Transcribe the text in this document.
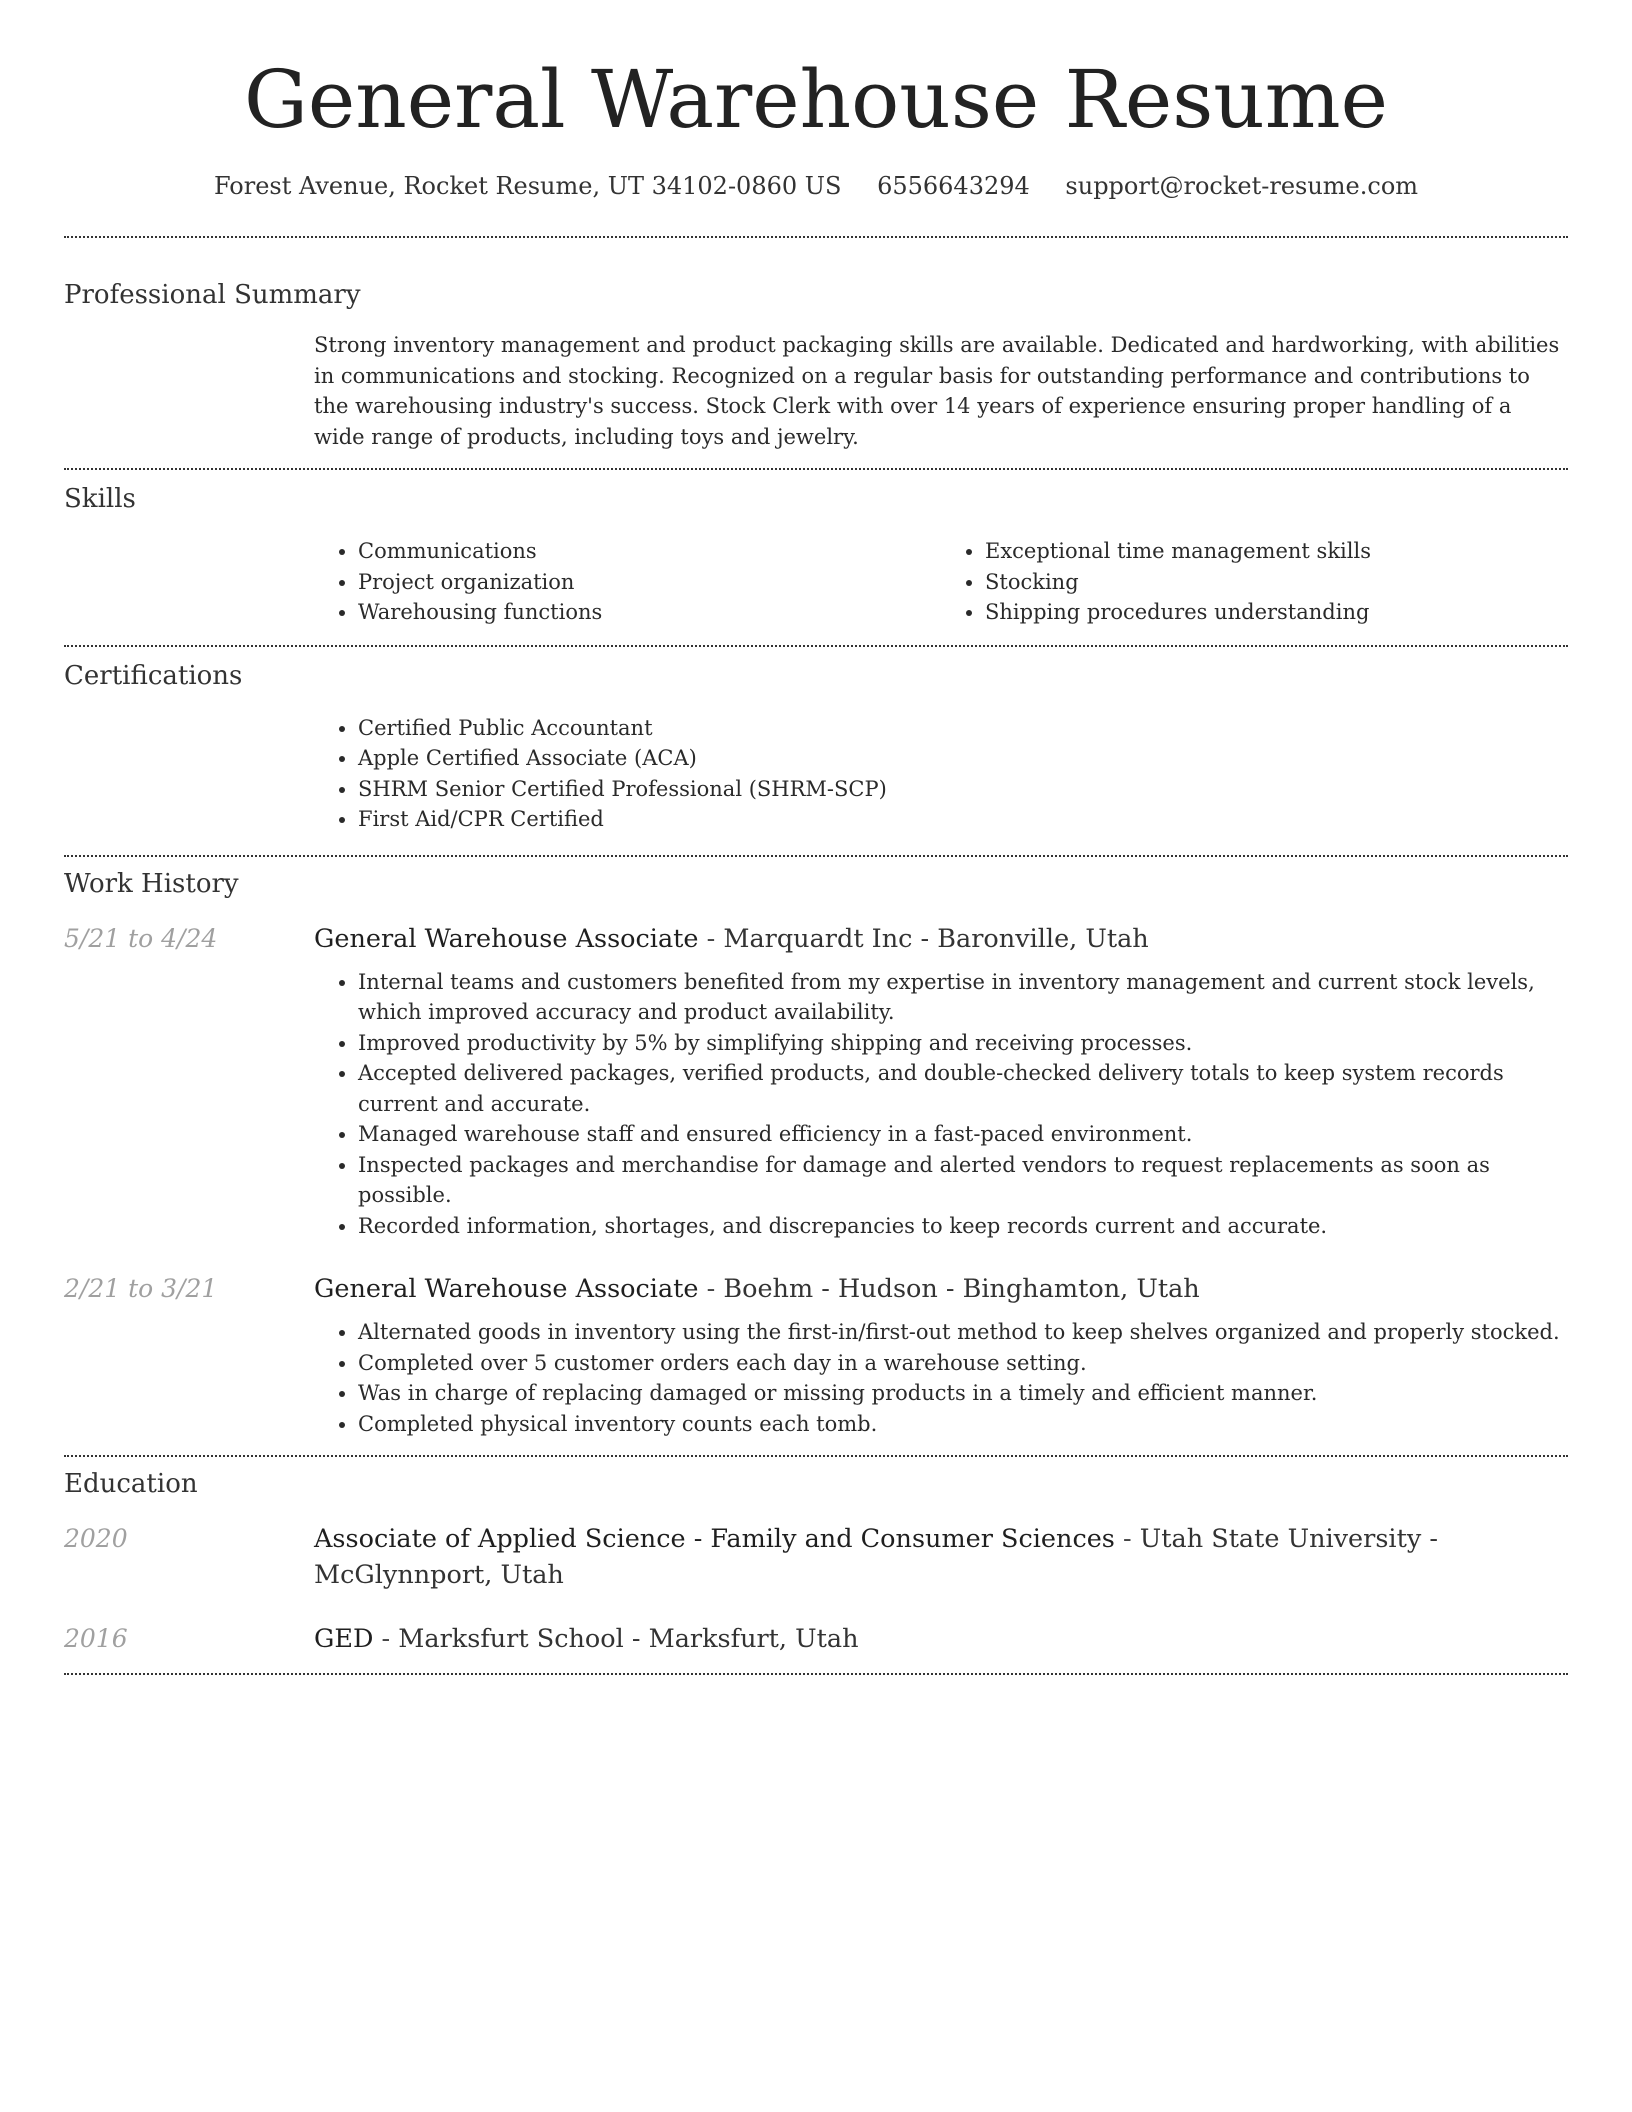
General Warehouse Resume
Forest Avenue, Rocket Resume, UT 34102-0860 US 6556643294 support@rocket-resume.com
Professional Summary

Strong inventory management and product packaging skills are available. Dedicated and hardworking, with abilities in communications and stocking. Recognized on a regular basis for outstanding performance and contributions to the warehousing industry's success. Stock Clerk with over 14 years of experience ensuring proper handling of a wide range of products, including toys and jewelry.

Skills
• Communications
• Project organization
• Warehousing functions
• Exceptional time management skills
• Stocking
• Shipping procedures understanding
Certifications
• Certified Public Accountant
• Apple Certified Associate (ACA)
• SHRM Senior Certified Professional (SHRM-SCP)
• First Aid/CPR Certified
Work History
5/21 to 4/24	General Warehouse Associate - Marquardt Inc - Baronville, Utah
• Internal teams and customers benefited from my expertise in inventory management and current stock levels, which improved accuracy and product availability.
• Improved productivity by 5% by simplifying shipping and receiving processes.
• Accepted delivered packages, verified products, and double-checked delivery totals to keep system records current and accurate.
• Managed warehouse staff and ensured efficiency in a fast-paced environment.
• Inspected packages and merchandise for damage and alerted vendors to request replacements as soon as possible.
• Recorded information, shortages, and discrepancies to keep records current and accurate.
2/21 to 3/21	General Warehouse Associate - Boehm - Hudson - Binghamton, Utah
• Alternated goods in inventory using the first-in/first-out method to keep shelves organized and properly stocked.
• Completed over 5 customer orders each day in a warehouse setting.
• Was in charge of replacing damaged or missing products in a timely and efficient manner.
• Completed physical inventory counts each tomb.
Education
2020	Associate of Applied Science - Family and Consumer Sciences - Utah State University - McGlynnport, Utah
2016	GED - Marksfurt School - Marksfurt, Utah
